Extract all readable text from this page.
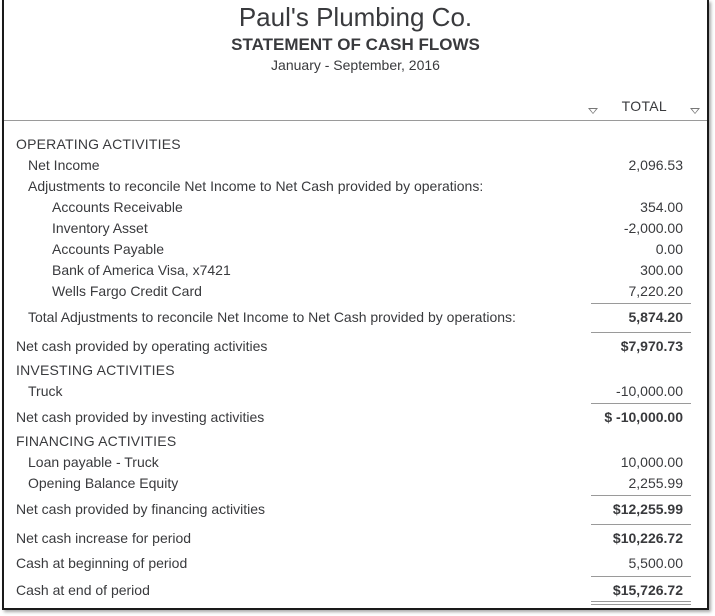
Paul's Plumbing Co.
STATEMENT OF CASH FLOWS
January - September, 2016
TOTAL
OPERATING ACTIVITIES
Net Income	2,096.53
Adjustments to reconcile Net Income to Net Cash provided by operations:
Accounts Receivable	354.00
Inventory Asset	-2,000.00
Accounts Payable	0.00
Bank of America Visa, x7421	300.00
Wells Fargo Credit Card	7,220.20
Total Adjustments to reconcile Net Income to Net Cash provided by operations:	5,874.20
Net cash provided by operating activities	$7,970.73
INVESTING ACTIVITIES
Truck	-10,000.00
Net cash provided by investing activities	$ -10,000.00
FINANCING ACTIVITIES
Loan payable - Truck	10,000.00
Opening Balance Equity	2,255.99
Net cash provided by financing activities	$12,255.99
Net cash increase for period	$10,226.72
Cash at beginning of period	5,500.00
Cash at end of period	$15,726.72
